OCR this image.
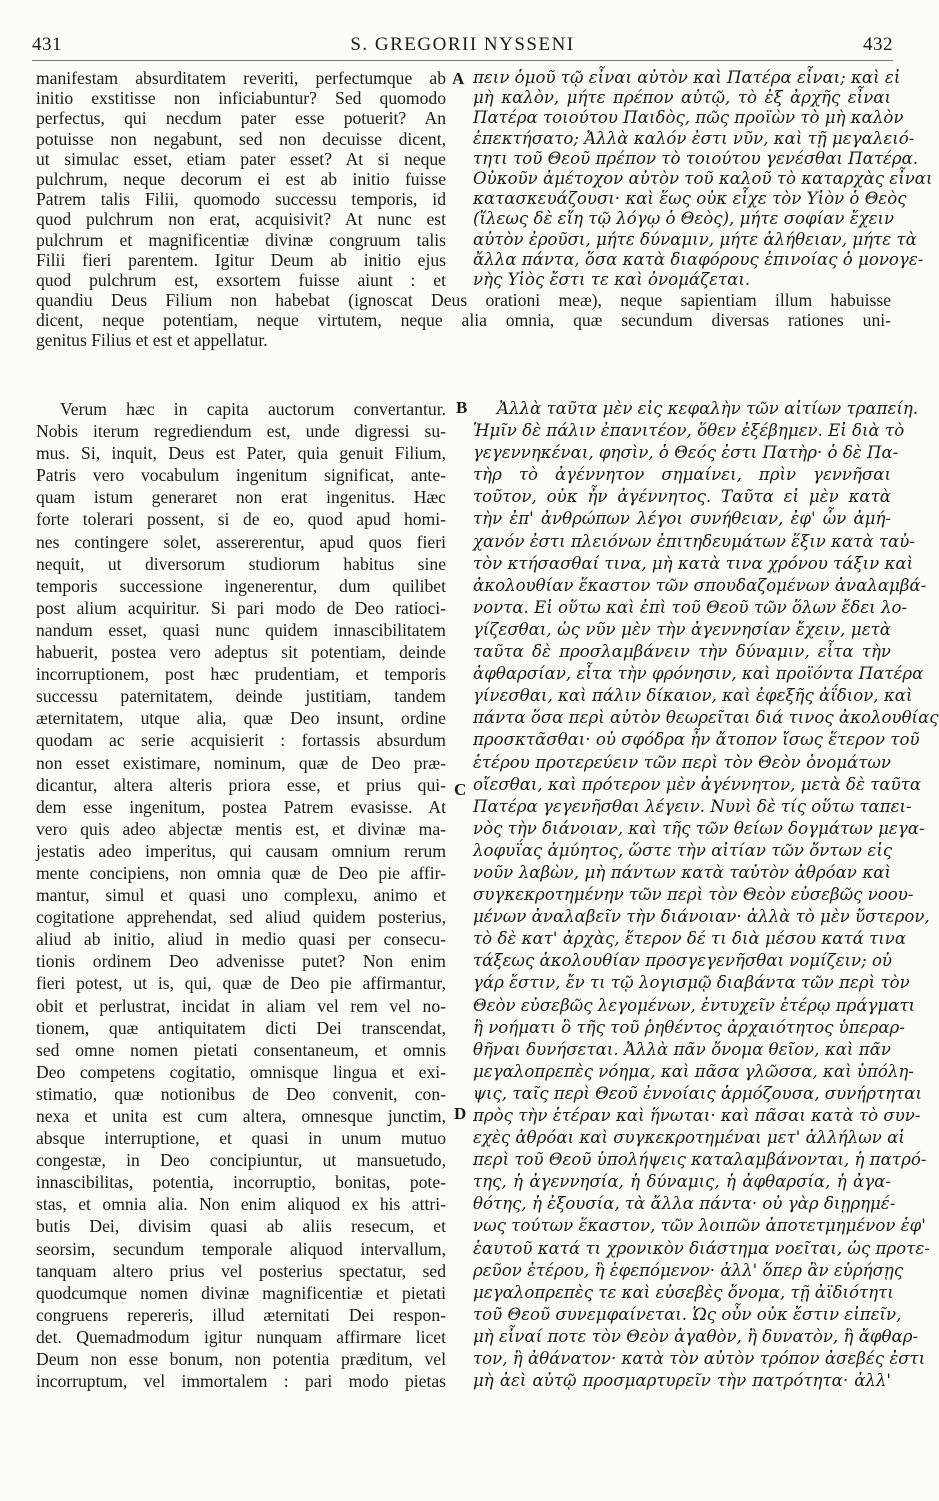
431	S. GREGORII NYSSENI	432
A
B
C
D
manifestam absurditatem reveriti, perfectumque ab
initio exstitisse non inficiabuntur? Sed quomodo
perfectus, qui necdum pater esse potuerit? An
potuisse non negabunt, sed non decuisse dicent,
ut simulac esset, etiam pater esset? At si neque
pulchrum, neque decorum ei est ab initio fuisse
Patrem talis Filii, quomodo successu temporis, id
quod pulchrum non erat, acquisivit? At nunc est
pulchrum et magnificentiæ divinæ congruum talis
Filii fieri parentem. Igitur Deum ab initio ejus
quod pulchrum est, exsortem fuisse aiunt : et
πειν ὁμοῦ τῷ εἶναι αὐτὸν καὶ Πατέρα εἶναι; καὶ εἰ
μὴ καλὸν, μήτε πρέπον αὐτῷ, τὸ ἐξ ἀρχῆς εἶναι
Πατέρα τοιούτου Παιδὸς, πῶς προϊὼν τὸ μὴ καλὸν
ἐπεκτήσατο; Ἀλλὰ καλόν ἐστι νῦν, καὶ τῇ μεγαλειό-
τητι τοῦ Θεοῦ πρέπον τὸ τοιούτου γενέσθαι Πατέρα.
Οὐκοῦν ἀμέτοχον αὐτὸν τοῦ καλοῦ τὸ καταρχὰς εἶναι
κατασκευάζουσι· καὶ ἕως οὐκ εἶχε τὸν Υἱὸν ὁ Θεὸς
(ἵλεως δὲ εἴη τῷ λόγῳ ὁ Θεὸς), μήτε σοφίαν ἔχειν
αὐτὸν ἐροῦσι, μήτε δύναμιν, μήτε ἀλήθειαν, μήτε τὰ
ἄλλα πάντα, ὅσα κατὰ διαφόρους ἐπινοίας ὁ μονογε-
νὴς Υἱὸς ἔστι τε καὶ ὀνομάζεται.
quandiu Deus Filium non habebat (ignoscat Deus orationi meæ), neque sapientiam illum habuisse
dicent, neque potentiam, neque virtutem, neque alia omnia, quæ secundum diversas rationes uni-
genitus Filius et est et appellatur.
Verum hæc in capita auctorum convertantur.
Nobis iterum regrediendum est, unde digressi su-
mus. Si, inquit, Deus est Pater, quia genuit Filium,
Patris vero vocabulum ingenitum significat, ante-
quam istum generaret non erat ingenitus. Hæc
forte tolerari possent, si de eo, quod apud homi-
nes contingere solet, assererentur, apud quos fieri
nequit, ut diversorum studiorum habitus sine
temporis successione ingenerentur, dum quilibet
post alium acquiritur. Si pari modo de Deo ratioci-
nandum esset, quasi nunc quidem innascibilitatem
habuerit, postea vero adeptus sit potentiam, deinde
incorruptionem, post hæc prudentiam, et temporis
successu paternitatem, deinde justitiam, tandem
æternitatem, utque alia, quæ Deo insunt, ordine
quodam ac serie acquisierit : fortassis absurdum
non esset existimare, nominum, quæ de Deo præ-
dicantur, altera alteris priora esse, et prius qui-
dem esse ingenitum, postea Patrem evasisse. At
vero quis adeo abjectæ mentis est, et divinæ ma-
jestatis adeo imperitus, qui causam omnium rerum
mente concipiens, non omnia quæ de Deo pie affir-
mantur, simul et quasi uno complexu, animo et
cogitatione apprehendat, sed aliud quidem posterius,
aliud ab initio, aliud in medio quasi per consecu-
tionis ordinem Deo advenisse putet? Non enim
fieri potest, ut is, qui, quæ de Deo pie affirmantur,
obit et perlustrat, incidat in aliam vel rem vel no-
tionem, quæ antiquitatem dicti Dei transcendat,
sed omne nomen pietati consentaneum, et omnis
Deo competens cogitatio, omnisque lingua et exi-
stimatio, quæ notionibus de Deo convenit, con-
nexa et unita est cum altera, omnesque junctim,
absque interruptione, et quasi in unum mutuo
congestæ, in Deo concipiuntur, ut mansuetudo,
innascibilitas, potentia, incorruptio, bonitas, pote-
stas, et omnia alia. Non enim aliquod ex his attri-
butis Dei, divisim quasi ab aliis resecum, et
seorsim, secundum temporale aliquod intervallum,
tanquam altero prius vel posterius spectatur, sed
quodcumque nomen divinæ magnificentiæ et pietati
congruens repereris, illud æternitati Dei respon-
det. Quemadmodum igitur nunquam affirmare licet
Deum non esse bonum, non potentia præditum, vel
incorruptum, vel immortalem : pari modo pietas
Ἀλλὰ ταῦτα μὲν εἰς κεφαλὴν τῶν αἰτίων τραπείη.
Ἡμῖν δὲ πάλιν ἐπανιτέον, ὅθεν ἐξέβημεν. Εἰ διὰ τὸ
γεγεννηκέναι, φησὶν, ὁ Θεός ἐστι Πατὴρ· ὁ δὲ Πα-
τὴρ τὸ ἀγέννητον σημαίνει, πρὶν γεννῆσαι
τοῦτον, οὐκ ἦν ἀγέννητος. Ταῦτα εἰ μὲν κατὰ
τὴν ἐπ' ἀνθρώπων λέγοι συνήθειαν, ἐφ' ὧν ἀμή-
χανόν ἐστι πλειόνων ἐπιτηδευμάτων ἕξιν κατὰ ταὐ-
τὸν κτήσασθαί τινα, μὴ κατὰ τινα χρόνου τάξιν καὶ
ἀκολουθίαν ἕκαστον τῶν σπουδαζομένων ἀναλαμβά-
νοντα. Εἰ οὕτω καὶ ἐπὶ τοῦ Θεοῦ τῶν ὅλων ἔδει λο-
γίζεσθαι, ὡς νῦν μὲν τὴν ἀγεννησίαν ἔχειν, μετὰ
ταῦτα δὲ προσλαμβάνειν τὴν δύναμιν, εἶτα τὴν
ἀφθαρσίαν, εἶτα τὴν φρόνησιν, καὶ προϊόντα Πατέρα
γίνεσθαι, καὶ πάλιν δίκαιον, καὶ ἐφεξῆς ἀΐδιον, καὶ
πάντα ὅσα περὶ αὐτὸν θεωρεῖται διά τινος ἀκολουθίας
προσκτᾶσθαι· οὐ σφόδρα ἦν ἄτοπον ἴσως ἕτερον τοῦ
ἑτέρου προτερεύειν τῶν περὶ τὸν Θεὸν ὀνομάτων
οἴεσθαι, καὶ πρότερον μὲν ἀγέννητον, μετὰ δὲ ταῦτα
Πατέρα γεγενῆσθαι λέγειν. Νυνὶ δὲ τίς οὕτω ταπει-
νὸς τὴν διάνοιαν, καὶ τῆς τῶν θείων δογμάτων μεγα-
λοφυΐας ἀμύητος, ὥστε τὴν αἰτίαν τῶν ὄντων εἰς
νοῦν λαβὼν, μὴ πάντων κατὰ ταὐτὸν ἀθρόαν καὶ
συγκεκροτημένην τῶν περὶ τὸν Θεὸν εὐσεβῶς νοου-
μένων ἀναλαβεῖν τὴν διάνοιαν· ἀλλὰ τὸ μὲν ὕστερον,
τὸ δὲ κατ' ἀρχὰς, ἕτερον δέ τι διὰ μέσου κατά τινα
τάξεως ἀκολουθίαν προσγεγενῆσθαι νομίζειν; οὐ
γάρ ἔστιν, ἔν τι τῷ λογισμῷ διαβάντα τῶν περὶ τὸν
Θεὸν εὐσεβῶς λεγομένων, ἐντυχεῖν ἑτέρῳ πράγματι
ἢ νοήματι ὃ τῆς τοῦ ῥηθέντος ἀρχαιότητος ὑπεραρ-
θῆναι δυνήσεται. Ἀλλὰ πᾶν ὄνομα θεῖον, καὶ πᾶν
μεγαλοπρεπὲς νόημα, καὶ πᾶσα γλῶσσα, καὶ ὑπόλη-
ψις, ταῖς περὶ Θεοῦ ἐννοίαις ἁρμόζουσα, συνήρτηται
πρὸς τὴν ἑτέραν καὶ ἥνωται· καὶ πᾶσαι κατὰ τὸ συν-
εχὲς ἀθρόαι καὶ συγκεκροτημέναι μετ' ἀλλήλων αἱ
περὶ τοῦ Θεοῦ ὑπολήψεις καταλαμβάνονται, ἡ πατρό-
της, ἡ ἀγεννησία, ἡ δύναμις, ἡ ἀφθαρσία, ἡ ἀγα-
θότης, ἡ ἐξουσία, τὰ ἄλλα πάντα· οὐ γὰρ διῃρημέ-
νως τούτων ἕκαστον, τῶν λοιπῶν ἀποτετμημένον ἐφ'
ἑαυτοῦ κατά τι χρονικὸν διάστημα νοεῖται, ὡς προτε-
ρεῦον ἑτέρου, ἢ ἑφεπόμενον· ἀλλ' ὅπερ ἂν εὑρήσῃς
μεγαλοπρεπὲς τε καὶ εὐσεβὲς ὄνομα, τῇ ἀϊδιότητι
τοῦ Θεοῦ συνεμφαίνεται. Ὡς οὖν οὐκ ἔστιν εἰπεῖν,
μὴ εἶναί ποτε τὸν Θεὸν ἀγαθὸν, ἢ δυνατὸν, ἢ ἄφθαρ-
τον, ἢ ἀθάνατον· κατὰ τὸν αὐτὸν τρόπον ἀσεβές ἐστι
μὴ ἀεὶ αὐτῷ προσμαρτυρεῖν τὴν πατρότητα· ἀλλ'
